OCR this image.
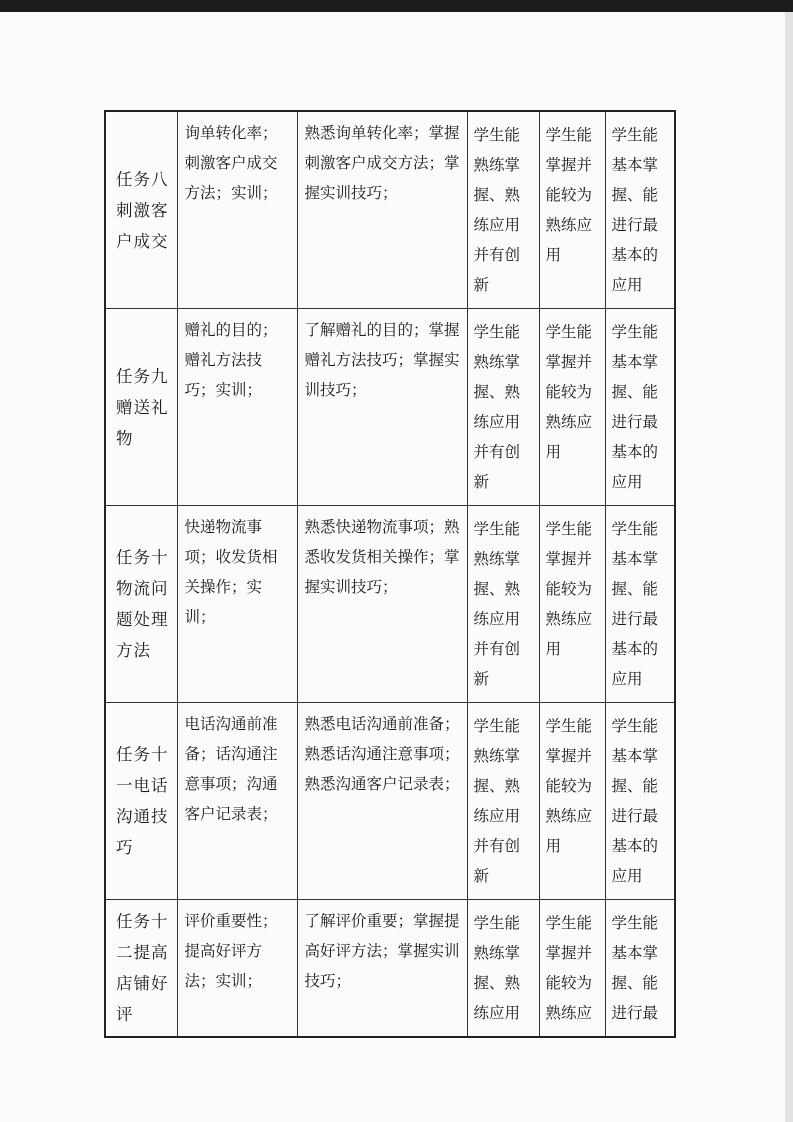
任务八刺激客户成交	询单转化率；刺激客户成交方法；实训；	熟悉询单转化率；掌握刺激客户成交方法；掌握实训技巧；	学生能熟练掌握、熟练应用并有创新	学生能掌握并能较为熟练应用	学生能基本掌握、能进行最基本的应用
任务九赠送礼物	赠礼的目的；赠礼方法技巧；实训；	了解赠礼的目的；掌握赠礼方法技巧；掌握实训技巧；	学生能熟练掌握、熟练应用并有创新	学生能掌握并能较为熟练应用	学生能基本掌握、能进行最基本的应用
任务十物流问题处理方法	快递物流事项；收发货相关操作；实训；	熟悉快递物流事项；熟悉收发货相关操作；掌握实训技巧；	学生能熟练掌握、熟练应用并有创新	学生能掌握并能较为熟练应用	学生能基本掌握、能进行最基本的应用
任务十一电话沟通技巧	电话沟通前准备；话沟通注意事项；沟通客户记录表；	熟悉电话沟通前准备；熟悉话沟通注意事项；熟悉沟通客户记录表；	学生能熟练掌握、熟练应用并有创新	学生能掌握并能较为熟练应用	学生能基本掌握、能进行最基本的应用
任务十二提高店铺好评	评价重要性；提高好评方法；实训；	了解评价重要；掌握提高好评方法；掌握实训技巧；	学生能熟练掌握、熟练应用	学生能掌握并能较为熟练应	学生能基本掌握、能进行最
